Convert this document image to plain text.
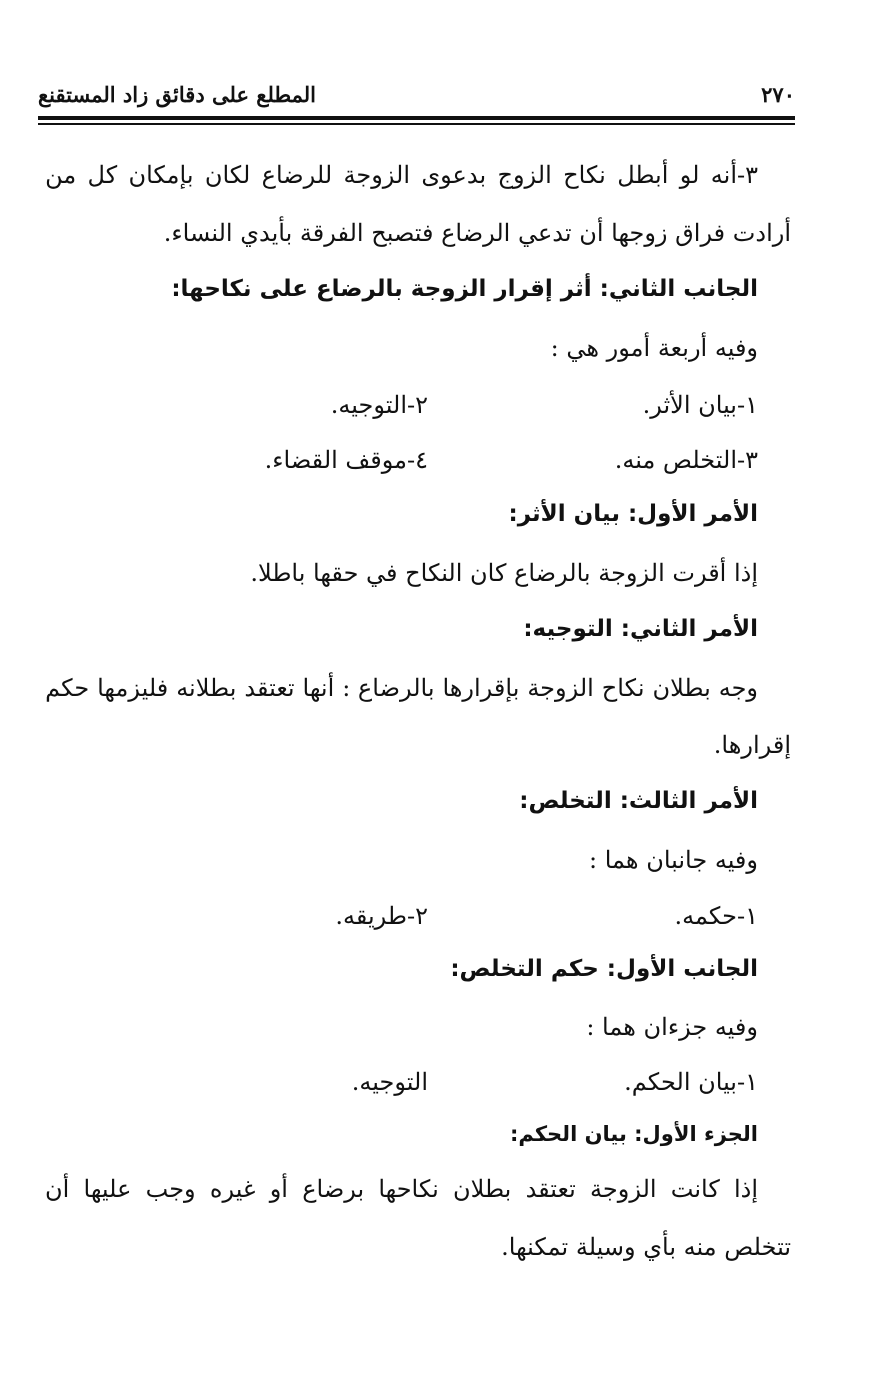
٢٧٠
المطلع على دقائق زاد المستقنع
٣-أنه
لو
أبطل
نكاح
الزوج
بدعوى
الزوجة
للرضاع
لكان
بإمكان
كل
من
أرادت فراق زوجها أن تدعي الرضاع فتصبح الفرقة بأيدي النساء.
الجانب الثاني: أثر إقرار الزوجة بالرضاع على نكاحها:
وفيه أربعة أمور هي :
١-بيان الأثر.
٢-التوجيه.
٣-التخلص منه.
٤-موقف القضاء.
الأمر الأول: بيان الأثر:
إذا أقرت الزوجة بالرضاع كان النكاح في حقها باطلا.
الأمر الثاني: التوجيه:
وجه
بطلان
نكاح
الزوجة
بإقرارها
بالرضاع :
أنها
تعتقد
بطلانه
فليزمها
حكم
إقرارها.
الأمر الثالث: التخلص:
وفيه جانبان هما :
١-حكمه.
٢-طريقه.
الجانب الأول: حكم التخلص:
وفيه جزءان هما :
١-بيان الحكم.
التوجيه.
الجزء الأول: بيان الحكم:
إذا
كانت
الزوجة
تعتقد
بطلان
نكاحها
برضاع
أو
غيره
وجب
عليها
أن
تتخلص منه بأي وسيلة تمكنها.
